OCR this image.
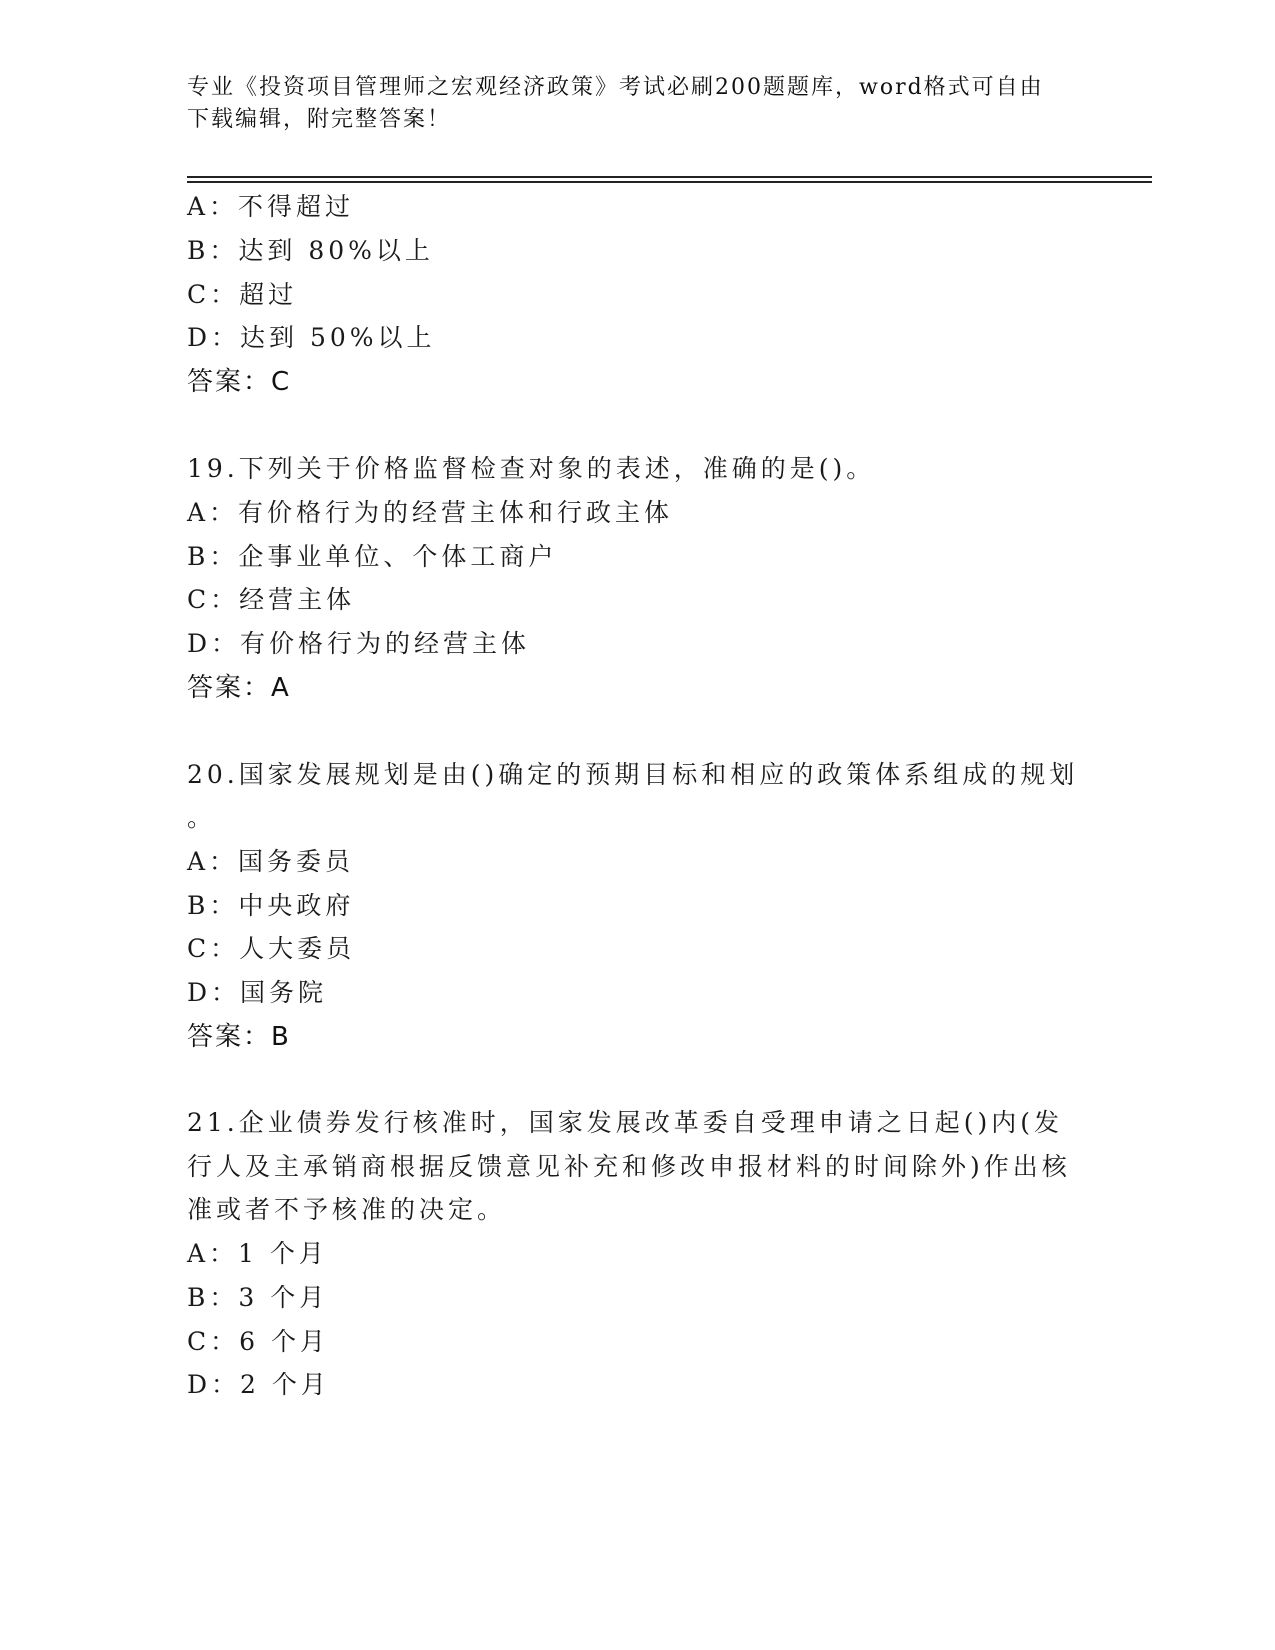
专业《投资项目管理师之宏观经济政策》考试必刷200题题库，word格式可自由
下载编辑，附完整答案！
A：不得超过
B：达到 80%以上
C：超过
D：达到 50%以上
答案：C
19.下列关于价格监督检查对象的表述，准确的是()。
A：有价格行为的经营主体和行政主体
B：企事业单位、个体工商户
C：经营主体
D：有价格行为的经营主体
答案：A
20.国家发展规划是由()确定的预期目标和相应的政策体系组成的规划
。
A：国务委员
B：中央政府
C：人大委员
D：国务院
答案：B
21.企业债券发行核准时，国家发展改革委自受理申请之日起()内(发
行人及主承销商根据反馈意见补充和修改申报材料的时间除外)作出核
准或者不予核准的决定。
A：1 个月
B：3 个月
C：6 个月
D：2 个月
